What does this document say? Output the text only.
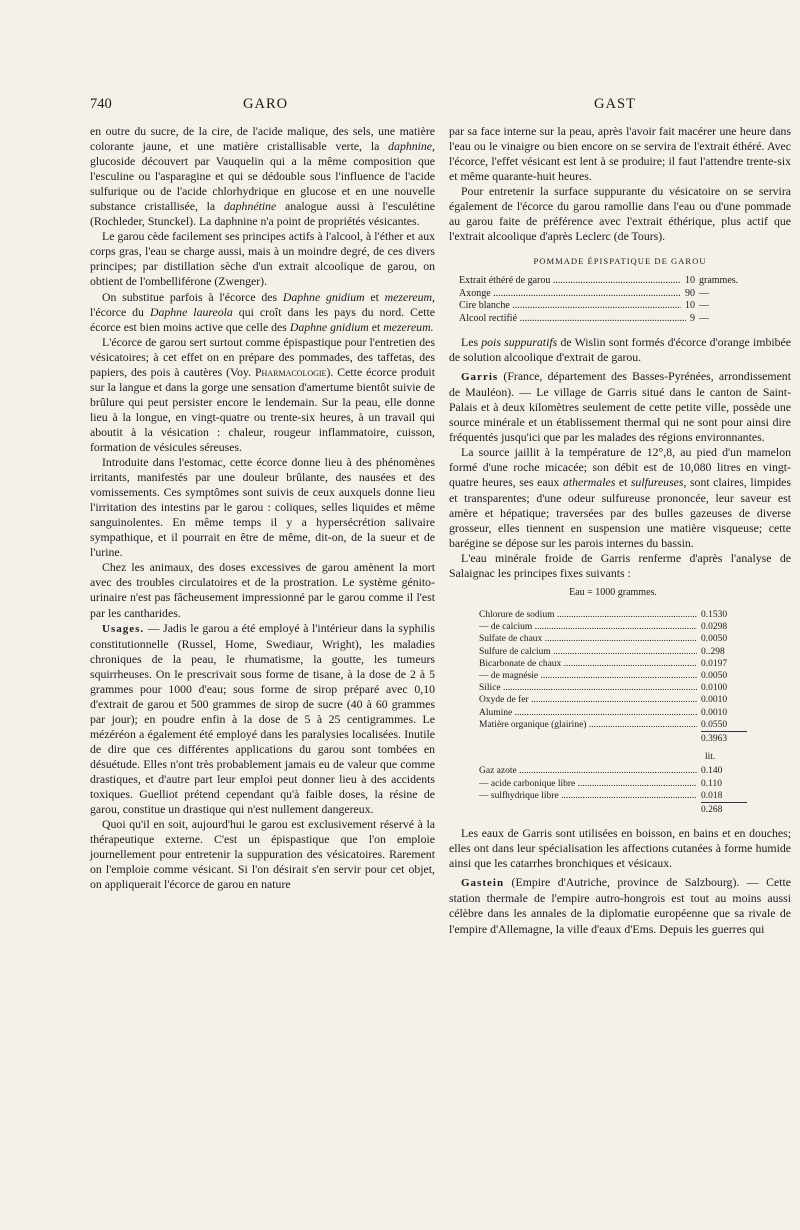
740	GARO	GAST

en outre du sucre, de la cire, de l'acide malique, des sels, une matière colorante jaune, et une matière cristallisable verte, la daphnine, glucoside découvert par Vauquelin qui a la même composition que l'esculine ou l'asparagine et qui se dédouble sous l'influence de l'acide sulfurique ou de l'acide chlorhydrique en glucose et en une nouvelle substance cristallisée, la daphnétine analogue aussi à l'esculétine (Rochleder, Stunckel). La daphnine n'a point de propriétés vésicantes.

Le garou cède facilement ses principes actifs à l'alcool, à l'éther et aux corps gras, l'eau se charge aussi, mais à un moindre degré, de ces divers principes; par distillation sèche d'un extrait alcoolique de garou, on obtient de l'ombelliférone (Zwenger).

On substitue parfois à l'écorce des Daphne gnidium et mezereum, l'écorce du Daphne laureola qui croît dans les pays du nord. Cette écorce est bien moins active que celle des Daphne gnidium et mezereum.

L'écorce de garou sert surtout comme épispastique pour l'entretien des vésicatoires; à cet effet on en prépare des pommades, des taffetas, des papiers, des pois à cautères (Voy. Pharmacologie). Cette écorce produit sur la langue et dans la gorge une sensation d'amertume bientôt suivie de brûlure qui peut persister encore le lendemain. Sur la peau, elle donne lieu à la longue, en vingt-quatre ou trente-six heures, à un travail qui aboutit à la vésication : chaleur, rougeur inflammatoire, cuisson, formation de vésicules séreuses.

Introduite dans l'estomac, cette écorce donne lieu à des phénomènes irritants, manifestés par une douleur brûlante, des nausées et des vomissements. Ces symptômes sont suivis de ceux auxquels donne lieu l'irritation des intestins par le garou : coliques, selles liquides et même sanguinolentes. En même temps il y a hypersécrétion salivaire sympathique, et il pourrait en être de même, dit-on, de la sueur et de l'urine.

Chez les animaux, des doses excessives de garou amènent la mort avec des troubles circulatoires et de la prostration. Le système génito-urinaire n'est pas fâcheusement impressionné par le garou comme il l'est par les cantharides.

Usages. — Jadis le garou a été employé à l'intérieur dans la syphilis constitutionnelle (Russel, Home, Swediaur, Wright), les maladies chroniques de la peau, le rhumatisme, la goutte, les tumeurs squirrheuses. On le prescrivait sous forme de tisane, à la dose de 2 à 5 grammes pour 1000 d'eau; sous forme de sirop préparé avec 0,10 d'extrait de garou et 500 grammes de sirop de sucre (40 à 60 grammes par jour); en poudre enfin à la dose de 5 à 25 centigrammes. Le mézéréon a également été employé dans les paralysies localisées. Inutile de dire que ces différentes applications du garou sont tombées en désuétude. Elles n'ont très probablement jamais eu de valeur que comme drastiques, et d'autre part leur emploi peut donner lieu à des accidents toxiques. Guelliot prétend cependant qu'à faible doses, la résine de garou, constitue un drastique qui n'est nullement dangereux.

Quoi qu'il en soit, aujourd'hui le garou est exclusivement réservé à la thérapeutique externe. C'est un épispastique que l'on emploie journellement pour entretenir la suppuration des vésicatoires. Rarement on l'emploie comme vésicant. Si l'on désirait s'en servir pour cet objet, on appliquerait l'écorce de garou en nature

par sa face interne sur la peau, après l'avoir fait macérer une heure dans l'eau ou le vinaigre ou bien encore on se servira de l'extrait éthéré. Avec l'écorce, l'effet vésicant est lent à se produire; il faut l'attendre trente-six et même quarante-huit heures.

Pour entretenir la surface suppurante du vésicatoire on se servira également de l'écorce du garou ramollie dans l'eau ou d'une pommade au garou faite de préférence avec l'extrait éthérique, plus actif que l'extrait alcoolique d'après Leclerc (de Tours).

POMMADE ÉPISPATIQUE DE GAROU

Extrait éthéré de garou .....	10 grammes.
Axonge .....	90 —
Cire blanche .....	10 —
Alcool rectifié .....	9 —

Les pois suppuratifs de Wislin sont formés d'écorce d'orange imbibée de solution alcoolique d'extrait de garou.

Garris (France, département des Basses-Pyrénées, arrondissement de Mauléon). — Le village de Garris situé dans le canton de Saint-Palais et à deux kilomètres seulement de cette petite ville, possède une source minérale et un établissement thermal qui ne sont pour ainsi dire fréquentés jusqu'ici que par les malades des régions environnantes.

La source jaillit à la température de 12°,8, au pied d'un mamelon formé d'une roche micacée; son débit est de 10,080 litres en vingt-quatre heures, ses eaux athermales et sulfureuses, sont claires, limpides et transparentes; d'une odeur sulfureuse prononcée, leur saveur est amère et hépatique; traversées par des bulles gazeuses de diverse grosseur, elles tiennent en suspension une matière visqueuse; cette barégine se dépose sur les parois internes du bassin.

L'eau minérale froide de Garris renferme d'après l'analyse de Salaignac les principes fixes suivants :

Eau = 1000 grammes.
Chlorure de sodium .....	0.1530
— de calcium .....	0.0298
Sulfate de chaux .....	0.0050
Sulfure de calcium .....	0..298
Bicarbonate de chaux .....	0.0197
— de magnésie .....	0.0050
Silice .....	0.0100
Oxyde de fer .....	0.0010
Alumine .....	0.0010
Matière organique (glairine) .....	0.0550
0.3963
lit.
Gaz azote .....	0.140
— acide carbonique libre .....	0.110
— sulfhydrique libre .....	0.018
0.268

Les eaux de Garris sont utilisées en boisson, en bains et en douches; elles ont dans leur spécialisation les affections cutanées à forme humide ainsi que les catarrhes bronchiques et vésicaux.

Gastein (Empire d'Autriche, province de Salzbourg). — Cette station thermale de l'empire autro-hongrois est tout au moins aussi célèbre dans les annales de la diplomatie européenne que sa rivale de l'empire d'Allemagne, la ville d'eaux d'Ems. Depuis les guerres qui
